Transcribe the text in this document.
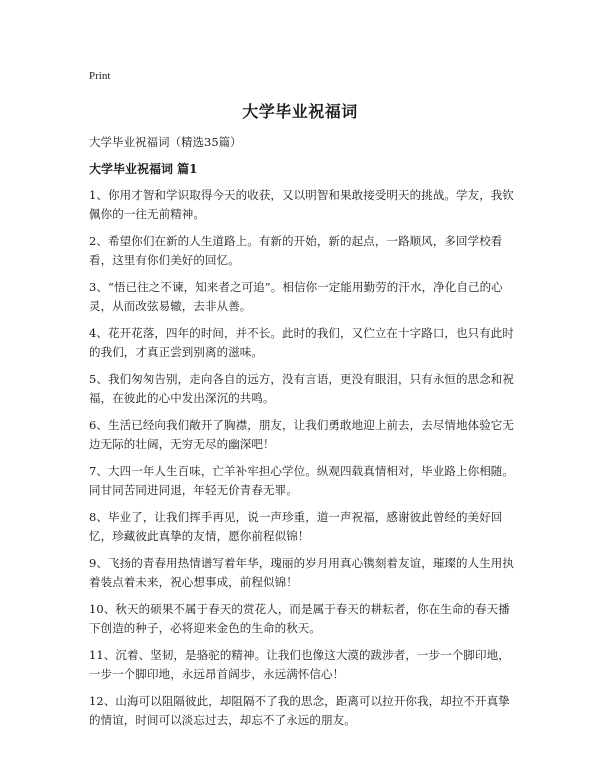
Print
大学毕业祝福词

大学毕业祝福词（精选35篇）

大学毕业祝福词 篇1
1、你用才智和学识取得今天的收获，又以明智和果敢接受明天的挑战。学友，我钦佩你的一往无前精神。
2、希望你们在新的人生道路上。有新的开始，新的起点，一路顺风，多回学校看看，这里有你们美好的回忆。
3、“悟已往之不谏，知来者之可追”。相信你一定能用勤劳的汗水，净化自己的心灵，从而改弦易辙，去非从善。
4、花开花落，四年的时间，并不长。此时的我们，又伫立在十字路口，也只有此时的我们，才真正尝到别离的滋味。
5、我们匆匆告别，走向各自的远方，没有言语，更没有眼泪，只有永恒的思念和祝福，在彼此的心中发出深沉的共鸣。
6、生活已经向我们敞开了胸襟，朋友，让我们勇敢地迎上前去，去尽情地体验它无边无际的壮阔，无穷无尽的幽深吧！
7、大四一年人生百味，亡羊补牢担心学位。纵观四载真情相对，毕业路上你相随。同甘同苦同进同退，年轻无价青春无罪。
8、毕业了，让我们挥手再见，说一声珍重，道一声祝福，感谢彼此曾经的美好回忆，珍藏彼此真挚的友情，愿你前程似锦！
9、飞扬的青春用热情谱写着年华，瑰丽的岁月用真心镌刻着友谊，璀璨的人生用执着装点着未来，祝心想事成，前程似锦！
10、秋天的硕果不属于春天的赏花人，而是属于春天的耕耘者，你在生命的春天播下创造的种子，必将迎来金色的生命的秋天。
11、沉着、坚韧，是骆驼的精神。让我们也像这大漠的跋涉者，一步一个脚印地，一步一个脚印地，永远昂首阔步，永远满怀信心！
12、山海可以阻隔彼此，却阻隔不了我的思念，距离可以拉开你我，却拉不开真挚的情谊，时间可以淡忘过去，却忘不了永远的朋友。
